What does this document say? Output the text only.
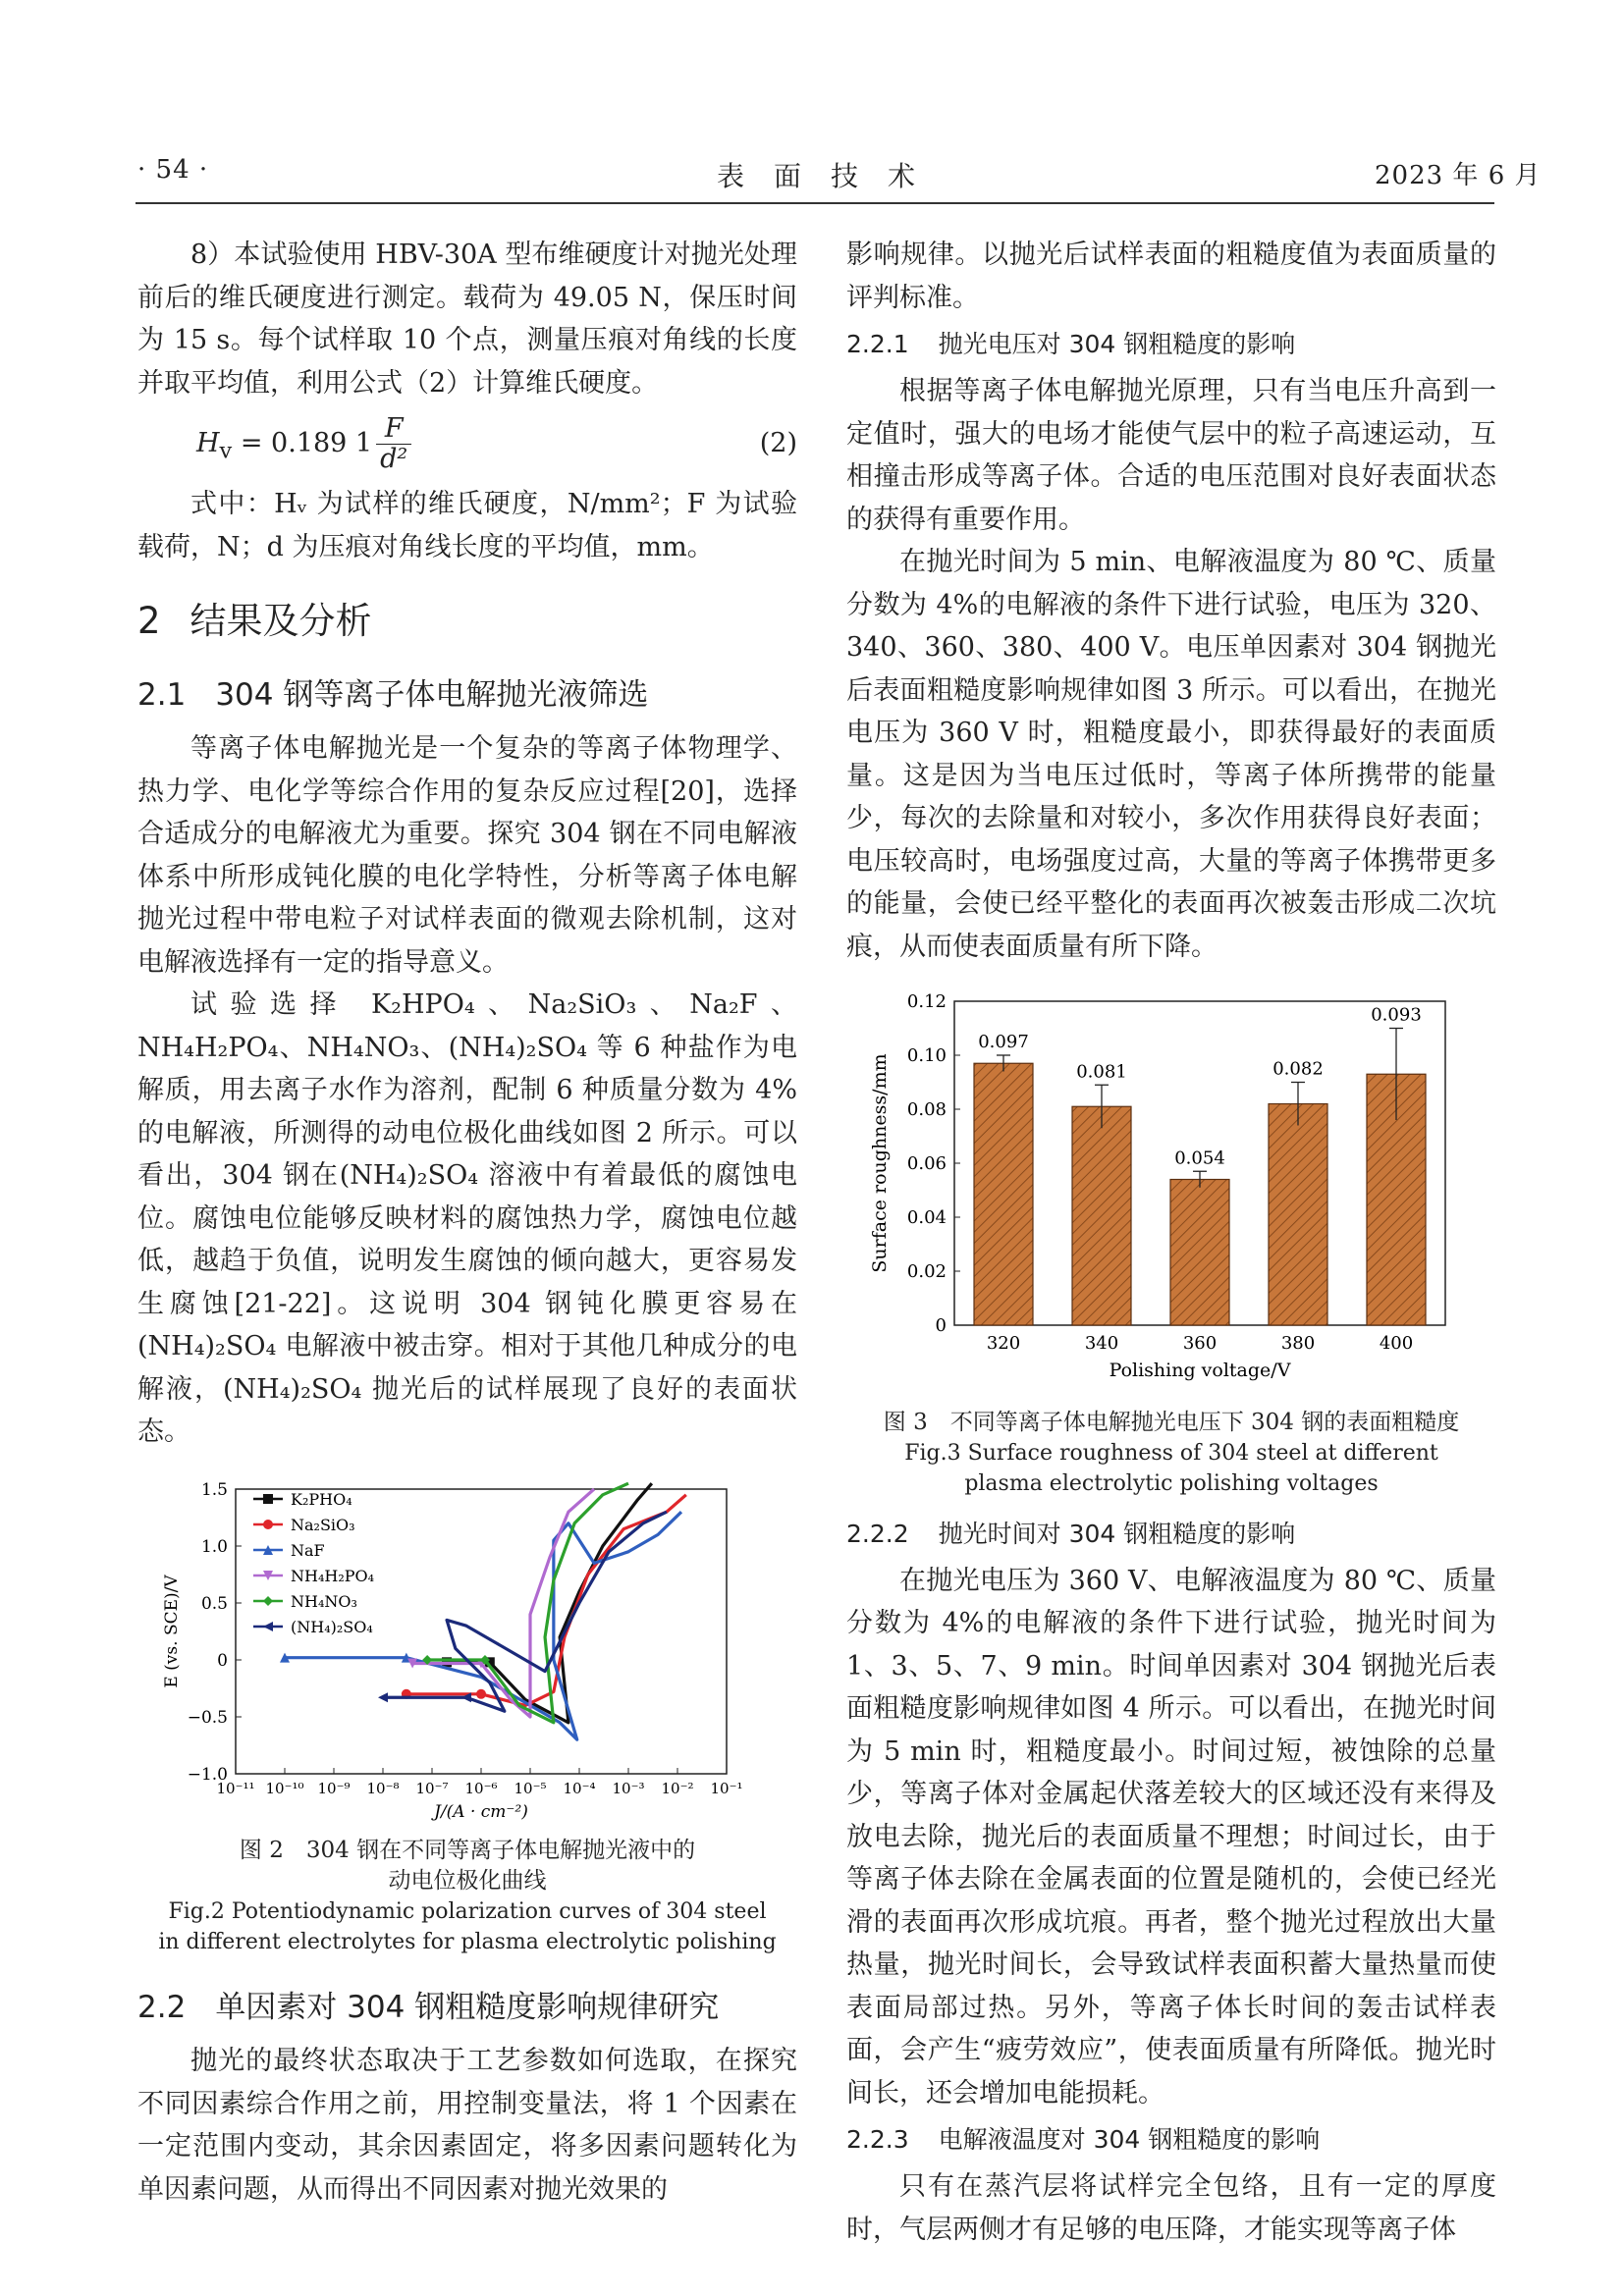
· 54 ·	表　面　技　术	2023 年 6 月

8）本试验使用 HBV-30A 型布维硬度计对抛光处理前后的维氏硬度进行测定。载荷为 49.05 N，保压时间为 15 s。每个试样取 10 个点，测量压痕对角线的长度并取平均值，利用公式（2）计算维氏硬度。

$H_v = 0.189$ $1 \frac{F}{\text{d²}}$	(2)

式中：Hᵥ 为试样的维氏硬度，N/mm²；F 为试验载荷，N；d 为压痕对角线长度的平均值，mm。

2 结果及分析
2.1 304 钢等离子体电解抛光液筛选

等离子体电解抛光是一个复杂的等离子体物理学、热力学、电化学等综合作用的复杂反应过程[20]，选择合适成分的电解液尤为重要。探究 304 钢在不同电解液体系中所形成钝化膜的电化学特性，分析等离子体电解抛光过程中带电粒子对试样表面的微观去除机制，这对电解液选择有一定的指导意义。

试验选择 K₂HPO₄、Na₂SiO₃、Na₂F、NH₄H₂PO₄、NH₄NO₃、(NH₄)₂SO₄ 等 6 种盐作为电解质，用去离子水作为溶剂，配制 6 种质量分数为 4%的电解液，所测得的动电位极化曲线如图 2 所示。可以看出，304 钢在(NH₄)₂SO₄ 溶液中有着最低的腐蚀电位。腐蚀电位能够反映材料的腐蚀热力学，腐蚀电位越低，越趋于负值，说明发生腐蚀的倾向越大，更容易发生腐蚀[21-22]。这说明 304 钢钝化膜更容易在(NH₄)₂SO₄ 电解液中被击穿。相对于其他几种成分的电解液，(NH₄)₂SO₄ 抛光后的试样展现了良好的表面状态。

10⁻¹¹ 10⁻¹⁰ 10⁻⁹ 10⁻⁸ 10⁻⁷ 10⁻⁶ 10⁻⁵ 10⁻⁴ 10⁻³ 10⁻² 10⁻¹
−1.0
−0.5
0
0.5
1.0
1.5
J/(A · cm⁻²)
E (vs. SCE)/V
K₂PHO₄
Na₂SiO₃
NaF
NH₄H₂PO₄
NH₄NO₃
(NH₄)₂SO₄
图 2　304 钢在不同等离子体电解抛光液中的
动电位极化曲线
Fig.2 Potentiodynamic polarization curves of 304 steel
in different electrolytes for plasma electrolytic polishing
2.2 单因素对 304 钢粗糙度影响规律研究

抛光的最终状态取决于工艺参数如何选取，在探究不同因素综合作用之前，用控制变量法，将 1 个因素在一定范围内变动，其余因素固定，将多因素问题转化为单因素问题，从而得出不同因素对抛光效果的

影响规律。以抛光后试样表面的粗糙度值为表面质量的评判标准。

2.2.1 抛光电压对 304 钢粗糙度的影响

根据等离子体电解抛光原理，只有当电压升高到一定值时，强大的电场才能使气层中的粒子高速运动，互相撞击形成等离子体。合适的电压范围对良好表面状态的获得有重要作用。

在抛光时间为 5 min、电解液温度为 80 ℃、质量分数为 4%的电解液的条件下进行试验，电压为 320、340、360、380、400 V。电压单因素对 304 钢抛光后表面粗糙度影响规律如图 3 所示。可以看出，在抛光电压为 360 V 时，粗糙度最小，即获得最好的表面质量。这是因为当电压过低时，等离子体所携带的能量少，每次的去除量和对较小，多次作用获得良好表面；电压较高时，电场强度过高，大量的等离子体携带更多的能量，会使已经平整化的表面再次被轰击形成二次坑痕，从而使表面质量有所下降。

0
0.02
0.04
0.06
0.08
0.10
0.12
0.097
320
0.081
340
0.054
360
0.082
380
0.093
400
Polishing voltage/V
Surface roughness/mm
图 3　不同等离子体电解抛光电压下 304 钢的表面粗糙度
Fig.3 Surface roughness of 304 steel at different
plasma electrolytic polishing voltages
2.2.2 抛光时间对 304 钢粗糙度的影响

在抛光电压为 360 V、电解液温度为 80 ℃、质量分数为 4%的电解液的条件下进行试验，抛光时间为 1、3、5、7、9 min。时间单因素对 304 钢抛光后表面粗糙度影响规律如图 4 所示。可以看出，在抛光时间为 5 min 时，粗糙度最小。时间过短，被蚀除的总量少，等离子体对金属起伏落差较大的区域还没有来得及放电去除，抛光后的表面质量不理想；时间过长，由于等离子体去除在金属表面的位置是随机的，会使已经光滑的表面再次形成坑痕。再者，整个抛光过程放出大量热量，抛光时间长，会导致试样表面积蓄大量热量而使表面局部过热。另外，等离子体长时间的轰击试样表面，会产生“疲劳效应”，使表面质量有所降低。抛光时间长，还会增加电能损耗。

2.2.3 电解液温度对 304 钢粗糙度的影响

只有在蒸汽层将试样完全包络，且有一定的厚度时，气层两侧才有足够的电压降，才能实现等离子体
